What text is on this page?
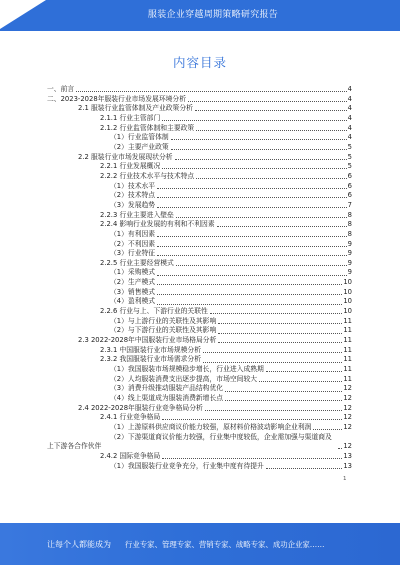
服装企业穿越周期策略研究报告
内容目录
一、前言	4
二、2023-2028年服装行业市场发展环境分析	4
2.1 服装行业监管体制及产业政策分析	4
2.1.1 行业主管部门	4
2.1.2 行业监管体制和主要政策	4
（1）行业监管体制	4
（2）主要产业政策	5
2.2 服装行业市场发展现状分析	5
2.2.1 行业发展概况	5
2.2.2 行业技术水平与技术特点	6
（1）技术水平	6
（2）技术特点	6
（3）发展趋势	7
2.2.3 行业主要进入壁垒	8
2.2.4 影响行业发展的有利和不利因素	8
（1）有利因素	8
（2）不利因素	9
（3）行业特征	9
2.2.5 行业主要经营模式	9
（1）采购模式	9
（2）生产模式	10
（3）销售模式	10
（4）盈利模式	10
2.2.6 行业与上、下游行业的关联性	10
（1）与上游行业的关联性及其影响	11
（2）与下游行业的关联性及其影响	11
2.3 2022-2028年中国服装行业市场格局分析	11
2.3.1 中国服装行业市场规模分析	11
2.3.2 我国服装行业市场需求分析	11
（1）我国服装市场规模稳步增长，行业进入成熟期	11
（2）人均服装消费支出逐步提高，市场空间较大	11
（3）消费升级推动服装产品结构优化	12
（4）线上渠道成为服装消费新增长点	12
2.4 2022-2028年服装行业竞争格局分析	12
2.4.1 行业竞争格局	12
（1）上游原料供应商议价能力较强，原材料价格波动影响企业利润	12
（2）下游渠道商议价能力较强，行业集中度较低，企业需加强与渠道商及上下游各合作伙伴	12
2.4.2 国际竞争格局	13
（1）我国服装行业竞争充分，行业集中度有待提升	13
1
让每个人都能成为 行业专家、管理专家、营销专家、战略专家、成功企业家……
